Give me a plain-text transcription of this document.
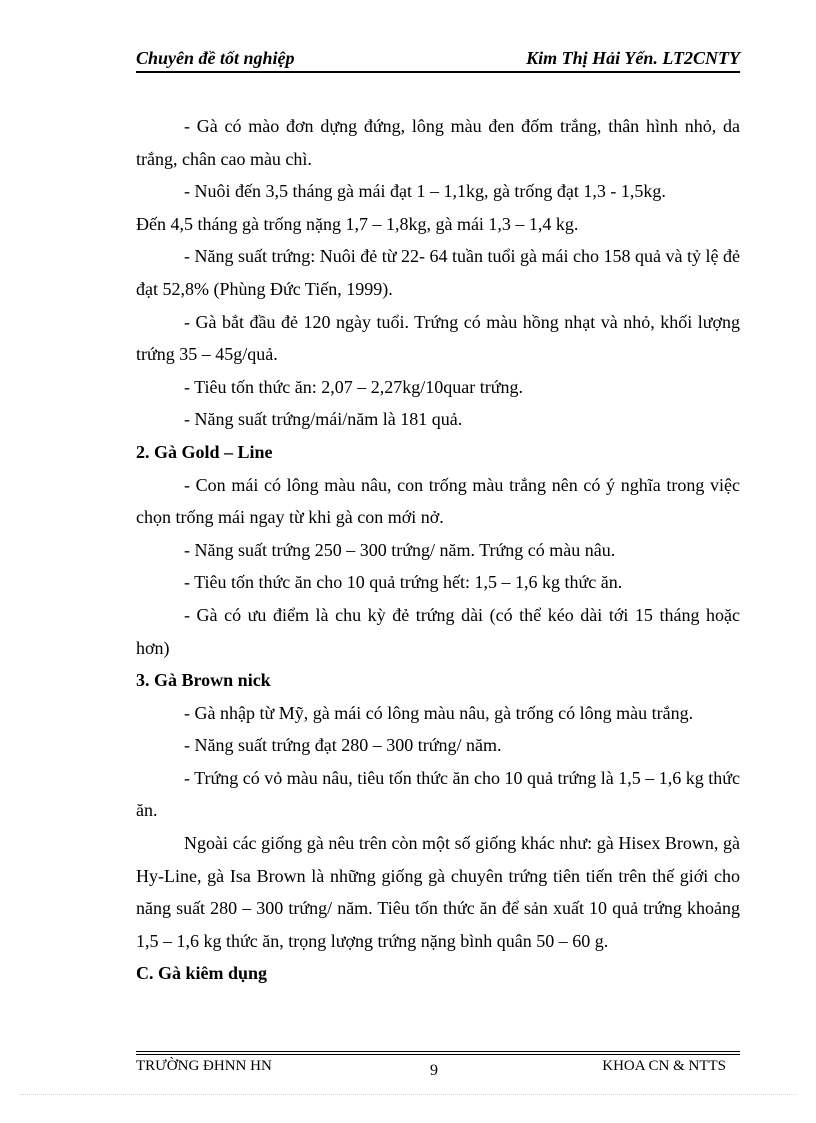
Chuyên đề tốt nghiệp	Kim Thị Hải Yến. LT2CNTY

- Gà có mào đơn dựng đứng, lông màu đen đốm trắng, thân hình nhỏ, da trắng, chân cao màu chì.

- Nuôi đến 3,5 tháng gà mái đạt 1 – 1,1kg, gà trống đạt 1,3 - 1,5kg.

Đến 4,5 tháng gà trống nặng 1,7 – 1,8kg, gà mái 1,3 – 1,4 kg.

- Năng suất trứng: Nuôi đẻ từ 22- 64 tuần tuổi gà mái cho 158 quả và tỷ lệ đẻ đạt 52,8% (Phùng Đức Tiến, 1999).

- Gà bắt đầu đẻ 120 ngày tuổi. Trứng có màu hồng nhạt và nhỏ, khối lượng trứng 35 – 45g/quả.

- Tiêu tốn thức ăn: 2,07 – 2,27kg/10quar trứng.

- Năng suất trứng/mái/năm là 181 quả.

2. Gà Gold – Line

- Con mái có lông màu nâu, con trống màu trắng nên có ý nghĩa trong việc chọn trống mái ngay từ khi gà con mới nở.

- Năng suất trứng 250 – 300 trứng/ năm. Trứng có màu nâu.

- Tiêu tốn thức ăn cho 10 quả trứng hết: 1,5 – 1,6 kg thức ăn.

- Gà có ưu điểm là chu kỳ đẻ trứng dài (có thể kéo dài tới 15 tháng hoặc hơn)

3. Gà Brown nick

- Gà nhập từ Mỹ, gà mái có lông màu nâu, gà trống có lông màu trắng.

- Năng suất trứng đạt 280 – 300 trứng/ năm.

- Trứng có vỏ màu nâu, tiêu tốn thức ăn cho 10 quả trứng là 1,5 – 1,6 kg thức ăn.

Ngoài các giống gà nêu trên còn một số giống khác như: gà Hisex Brown, gà Hy-Line, gà Isa Brown là những giống gà chuyên trứng tiên tiến trên thế giới cho năng suất 280 – 300 trứng/ năm. Tiêu tốn thức ăn để sản xuất 10 quả trứng khoảng 1,5 – 1,6 kg thức ăn, trọng lượng trứng nặng bình quân 50 – 60 g.

C. Gà kiêm dụng

TRƯỜNG ĐHNN HN	9	KHOA CN & NTTS
